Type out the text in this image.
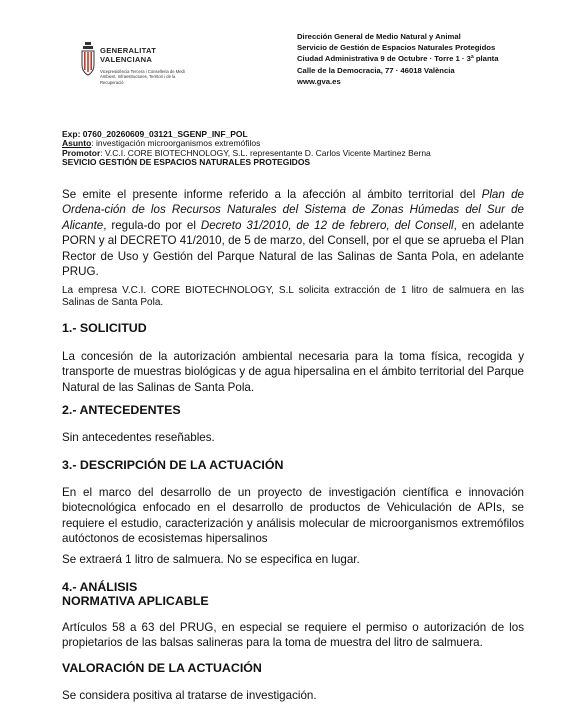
GENERALITAT
VALENCIANA
Vicepresidència Tercera i Conselleria de Medi Ambient, Infraestructures, Territori i de la Recuperació
Dirección General de Medio Natural y Animal
Servicio de Gestión de Espacios Naturales Protegidos
Ciudad Administrativa 9 de Octubre · Torre 1 · 3ª planta
Calle de la Democracia, 77 · 46018 València
www.gva.es
Exp: 0760_20260609_03121_SGENP_INF_POL
Asunto: investigación microorganismos extremófilos
Promotor: V.C.I. CORE BIOTECHNOLOGY, S.L. representante D. Carlos Vicente Martinez Berna
SEVICIO GESTIÓN DE ESPACIOS NATURALES PROTEGIDOS
Se emite el presente informe referido a la afección al ámbito territorial del Plan de Ordena-ción de los Recursos Naturales del Sistema de Zonas Húmedas del Sur de Alicante, regula-do por el Decreto 31/2010, de 12 de febrero, del Consell, en adelante PORN y al DECRETO 41/2010, de 5 de marzo, del Consell, por el que se aprueba el Plan Rector de Uso y Gestión del Parque Natural de las Salinas de Santa Pola, en adelante PRUG.
La empresa V.C.I. CORE BIOTECHNOLOGY, S.L solicita extracción de 1 litro de salmuera en las Salinas de Santa Pola.
1.- SOLICITUD
La concesión de la autorización ambiental necesaria para la toma física, recogida y transporte de muestras biológicas y de agua hipersalina en el ámbito territorial del Parque Natural de las Salinas de Santa Pola.
2.- ANTECEDENTES
Sin antecedentes reseñables.
3.- DESCRIPCIÓN DE LA ACTUACIÓN
En el marco del desarrollo de un proyecto de investigación científica e innovación biotecnológica enfocado en el desarrollo de productos de Vehiculación de APIs, se requiere el estudio, caracterización y análisis molecular de microorganismos extremófilos autóctonos de ecosistemas hipersalinos
Se extraerá 1 litro de salmuera. No se especifica en lugar.
4.- ANÁLISIS
NORMATIVA APLICABLE
Artículos 58 a 63 del PRUG, en especial se requiere el permiso o autorización de los propietarios de las balsas salineras para la toma de muestra del litro de salmuera.
VALORACIÓN DE LA ACTUACIÓN
Se considera positiva al tratarse de investigación.
